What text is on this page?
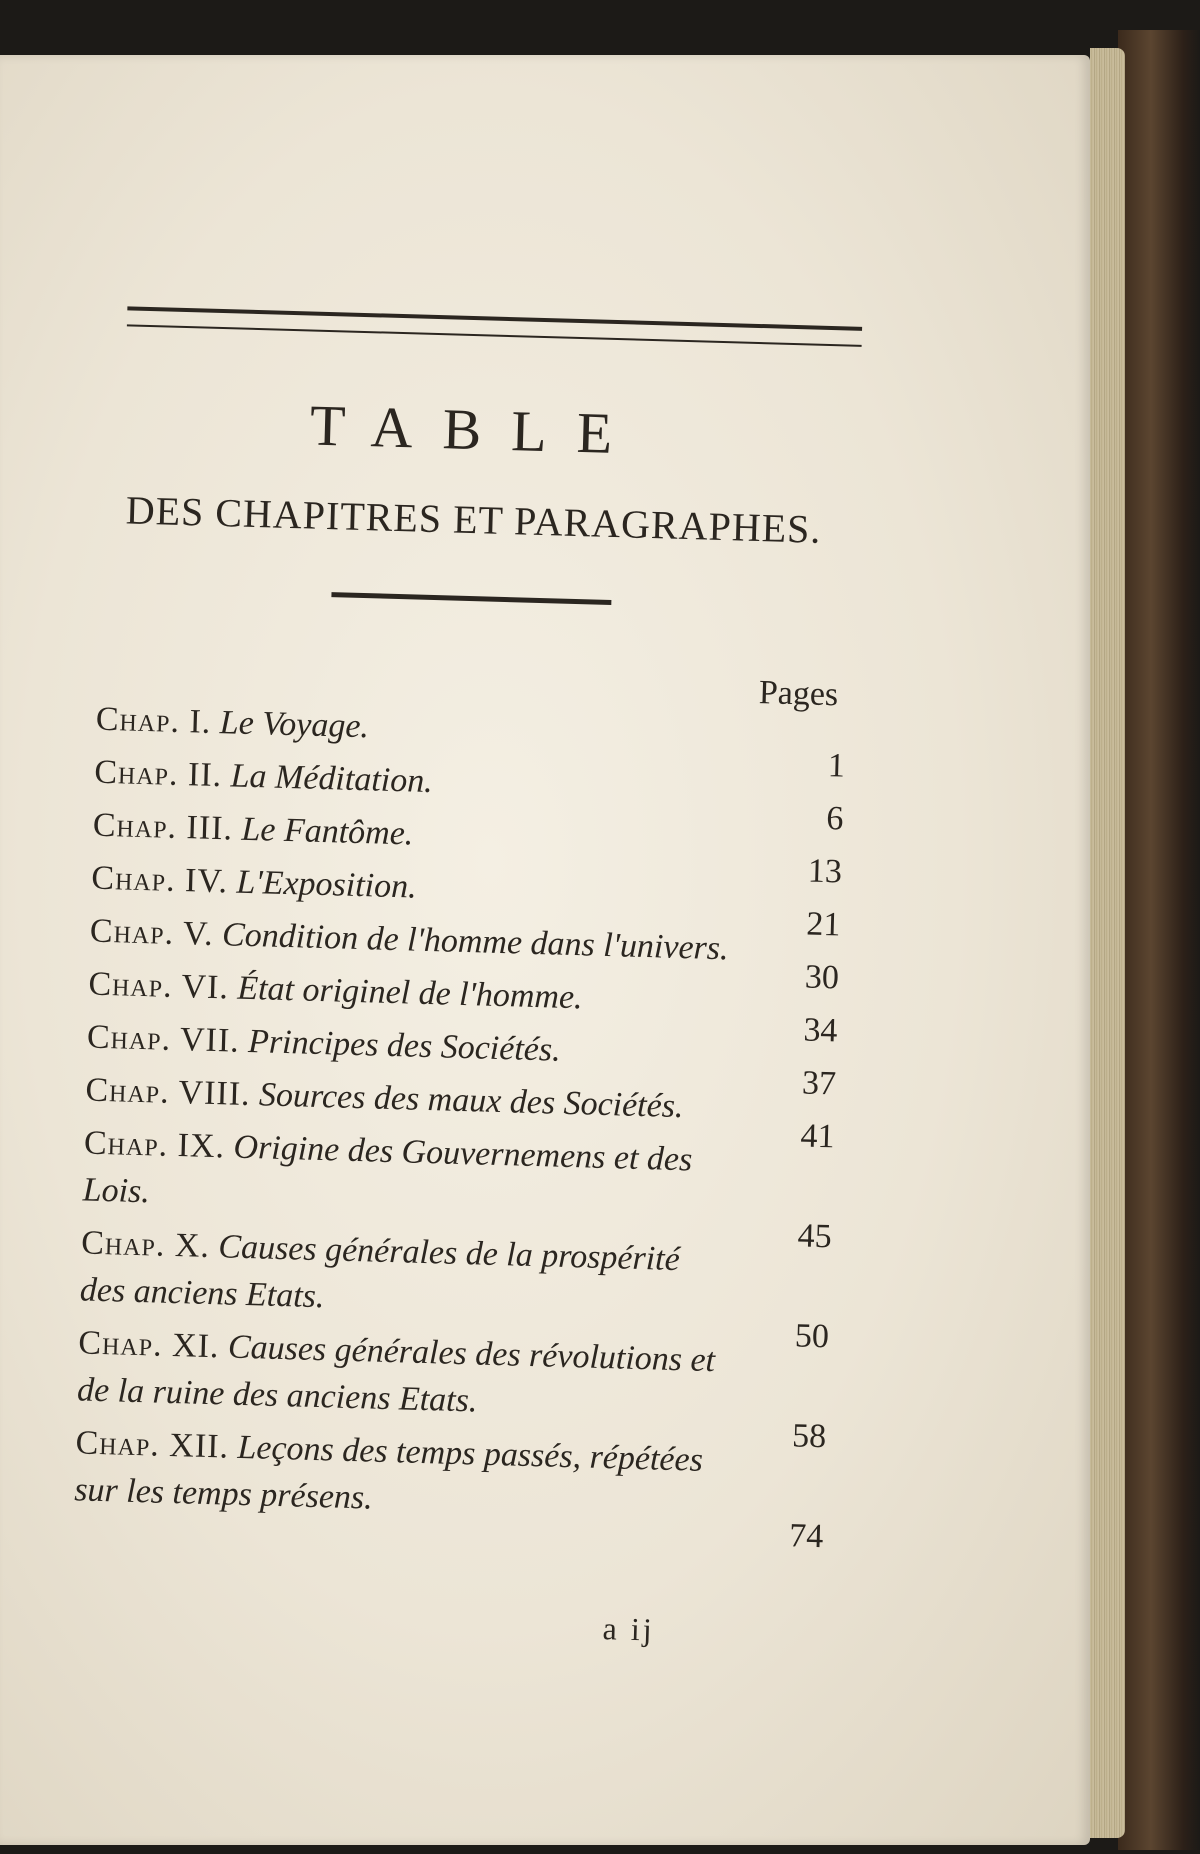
TABLE
DES CHAPITRES ET PARAGRAPHES.
Pages
Chap. I. Le Voyage.
1
Chap. II. La Méditation.
6
Chap. III. Le Fantôme.
13
Chap. IV. L'Exposition.
21
Chap. V. Condition de l'homme dans l'univers.
30
Chap. VI. État originel de l'homme.
34
Chap. VII. Principes des Sociétés.
37
Chap. VIII. Sources des maux des Sociétés.
41
Chap. IX. Origine des Gouvernemens et des Lois.
45
Chap. X. Causes générales de la prospérité des anciens Etats.
50
Chap. XI. Causes générales des révolutions et de la ruine des anciens Etats.
58
Chap. XII. Leçons des temps passés, répétées sur les temps présens.
74
a ij
